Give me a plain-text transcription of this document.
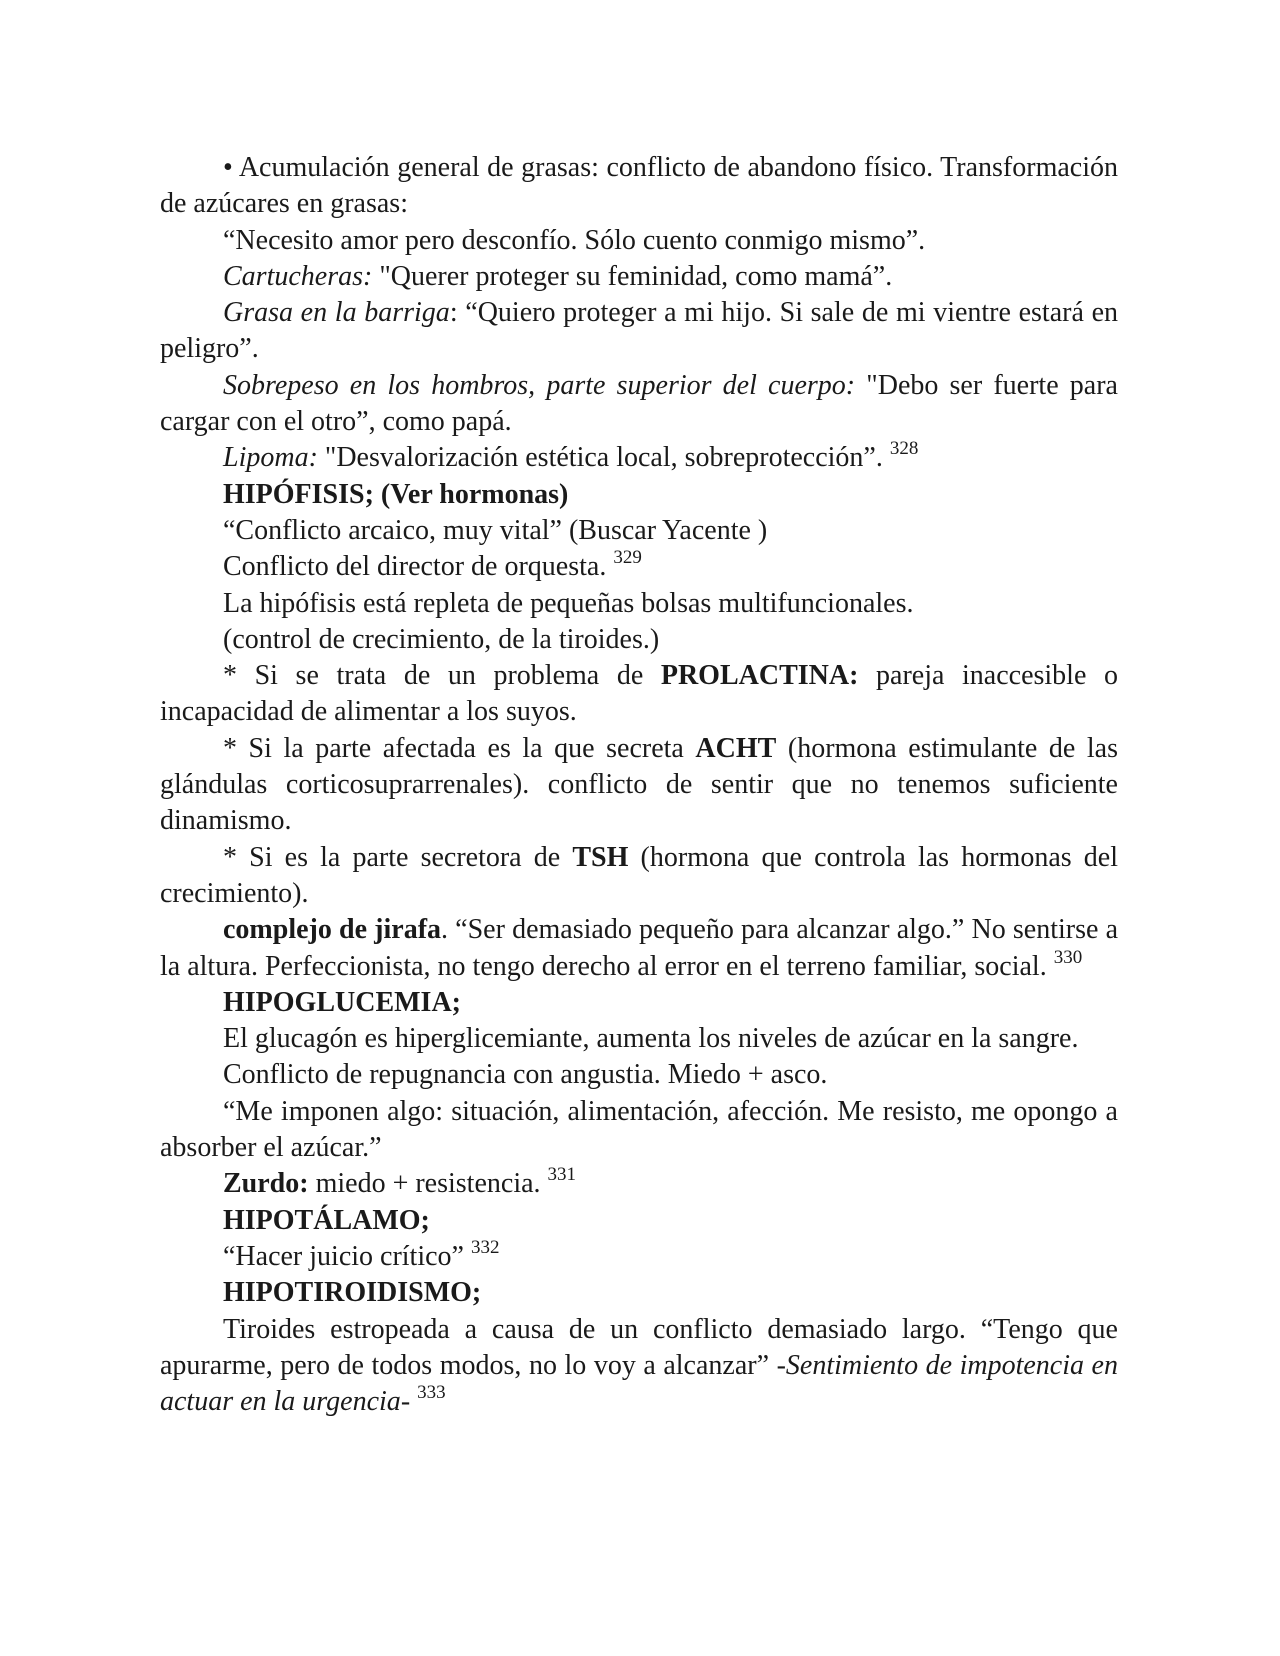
• Acumulación general de grasas: conflicto de abandono físico. Transformación de azúcares en grasas:

“Necesito amor pero desconfío. Sólo cuento conmigo mismo”.

Cartucheras: "Querer proteger su feminidad, como mamá”.

Grasa en la barriga: “Quiero proteger a mi hijo. Si sale de mi vientre estará en peligro”.

Sobrepeso en los hombros, parte superior del cuerpo: "Debo ser fuerte para cargar con el otro”, como papá.

Lipoma: "Desvalorización estética local, sobreprotección”. $^{328}$

HIPÓFISIS; (Ver hormonas)

“Conflicto arcaico, muy vital” (Buscar Yacente )

Conflicto del director de orquesta. $^{329}$

La hipófisis está repleta de pequeñas bolsas multifuncionales.

(control de crecimiento, de la tiroides.)

* Si se trata de un problema de PROLACTINA: pareja inaccesible o incapacidad de alimentar a los suyos.

* Si la parte afectada es la que secreta ACHT (hormona estimulante de las glándulas corticosuprarrenales). conflicto de sentir que no tenemos suficiente dinamismo.

* Si es la parte secretora de TSH (hormona que controla las hormonas del crecimiento).

complejo de jirafa. “Ser demasiado pequeño para alcanzar algo.” No sentirse a la altura. Perfeccionista, no tengo derecho al error en el terreno familiar, social. $^{330}$

HIPOGLUCEMIA;

El glucagón es hiperglicemiante, aumenta los niveles de azúcar en la sangre.

Conflicto de repugnancia con angustia. Miedo + asco.

“Me imponen algo: situación, alimentación, afección. Me resisto, me opongo a absorber el azúcar.”

Zurdo: miedo + resistencia. $^{331}$

HIPOTÁLAMO;

“Hacer juicio crítico” $^{332}$

HIPOTIROIDISMO;

Tiroides estropeada a causa de un conflicto demasiado largo. “Tengo que apurarme, pero de todos modos, no lo voy a alcanzar” -Sentimiento de impotencia en actuar en la urgencia- $^{333}$
